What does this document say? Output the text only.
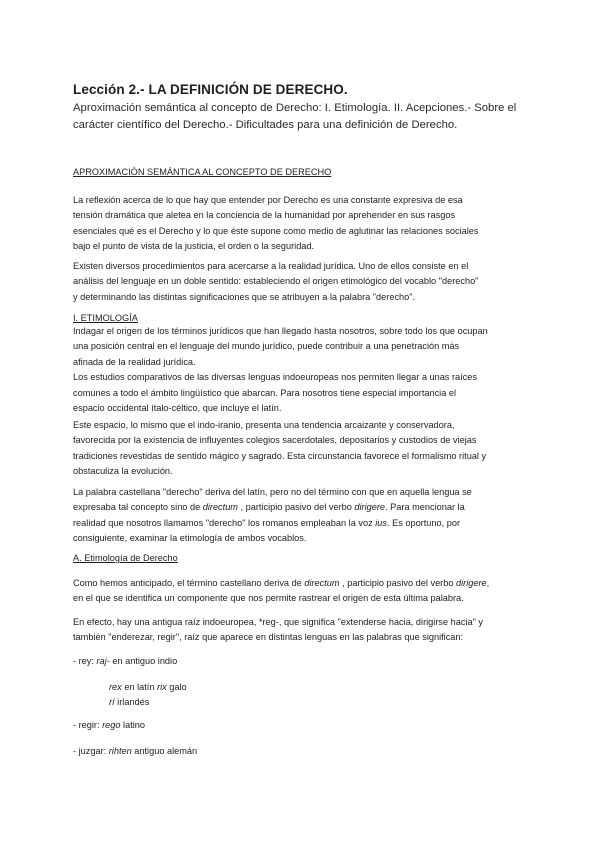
Lección 2.- LA DEFINICIÓN DE DERECHO.
Aproximación semántica al concepto de Derecho: I. Etimología. II. Acepciones.- Sobre el
carácter científico del Derecho.- Dificultades para una definición de Derecho.
APROXIMACIÓN SEMÁNTICA AL CONCEPTO DE DERECHO
La reflexión acerca de lo que hay que entender por Derecho es una constante expresiva de esa
tensión dramática que aletea en la conciencia de la humanidad por aprehender en sus rasgos
esenciales qué es el Derecho y lo que éste supone como medio de aglutinar las relaciones sociales
bajo el punto de vista de la justicia, el orden o la seguridad.
Existen diversos procedimientos para acercarse a la realidad jurídica. Uno de ellos consiste en el
análisis del lenguaje en un doble sentido: estableciendo el origen etimológico del vocablo "derecho"
y determinando las distintas significaciones que se atribuyen a la palabra "derecho".
I. ETIMOLOGÍA
Indagar el origen de los términos jurídicos que han llegado hasta nosotros, sobre todo los que ocupan
una posición central en el lenguaje del mundo jurídico, puede contribuir a una penetración más
afinada de la realidad jurídica.
Los estudios comparativos de las diversas lenguas indoeuropeas nos permiten llegar a unas raíces
comunes a todo el ámbito lingüístico que abarcan. Para nosotros tiene especial importancia el
espacio occidental ítalo-céltico, que incluye el latín.
Este espacio, lo mismo que el indo-iranio, presenta una tendencia arcaizante y conservadora,
favorecida por la existencia de influyentes colegios sacerdotales, depositarios y custodios de viejas
tradiciones revestidas de sentido mágico y sagrado. Esta circunstancia favorece el formalismo ritual y
obstaculiza la evolución.
La palabra castellana "derecho" deriva del latín, pero no del término con que en aquella lengua se
expresaba tal concepto sino de directum , participio pasivo del verbo dirigere. Para mencionar la
realidad que nosotros llamamos "derecho" los romanos empleaban la voz ius. Es oportuno, por
consiguiente, examinar la etimología de ambos vocablos.
A. Etimología de Derecho
Como hemos anticipado, el término castellano deriva de directum , participio pasivo del verbo dirigere,
en el que se identifica un componente que nos permite rastrear el origen de esta última palabra.
En efecto, hay una antigua raíz indoeuropea, *reg-, que significa "extenderse hacia, dirigirse hacia" y
también "enderezar, regir", raíz que aparece en distintas lenguas en las palabras que significan:
- rey: raj- en antiguo indio
rex en latín rix galo
rí irlandés
- regir: rego latino
- juzgar: rihten antiguo alemán
